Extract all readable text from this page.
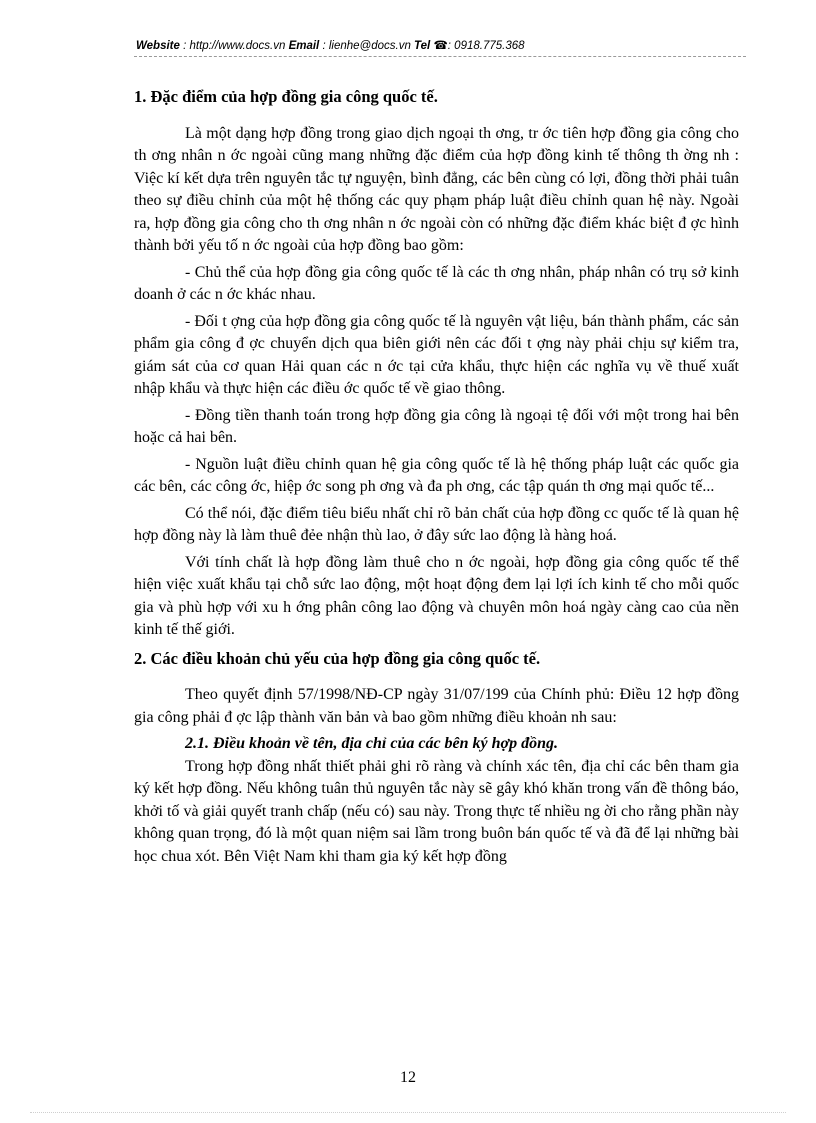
Website : http://www.docs.vn Email : lienhe@docs.vn Tel ☎: 0918.775.368

1. Đặc điểm của hợp đồng gia công quốc tế.

Là một dạng hợp đồng trong giao dịch ngoại th ơng, tr ớc tiên hợp đồng gia công cho th ơng nhân n ớc ngoài cũng mang những đặc điểm của hợp đồng kinh tế thông th ờng nh : Việc kí kết dựa trên nguyên tắc tự nguyện, bình đẳng, các bên cùng có lợi, đồng thời phải tuân theo sự điều chỉnh của một hệ thống các quy phạm pháp luật điều chỉnh quan hệ này. Ngoài ra, hợp đồng gia công cho th ơng nhân n ớc ngoài còn có những đặc điểm khác biệt đ ợc hình thành bởi yếu tố n ớc ngoài của hợp đồng bao gồm:

- Chủ thể của hợp đồng gia công quốc tế là các th ơng nhân, pháp nhân có trụ sở kinh doanh ở các n ớc khác nhau.

- Đối t ợng của hợp đồng gia công quốc tế là nguyên vật liệu, bán thành phẩm, các sản phẩm gia công đ ợc chuyển dịch qua biên giới nên các đối t ợng này phải chịu sự kiểm tra, giám sát của cơ quan Hải quan các n ớc tại cửa khẩu, thực hiện các nghĩa vụ về thuế xuất nhập khẩu và thực hiện các điều ớc quốc tế về giao thông.

- Đồng tiền thanh toán trong hợp đồng gia công là ngoại tệ đối với một trong hai bên hoặc cả hai bên.

- Nguồn luật điều chỉnh quan hệ gia công quốc tế là hệ thống pháp luật các quốc gia các bên, các công ớc, hiệp ớc song ph ơng và đa ph ơng, các tập quán th ơng mại quốc tế...

Có thể nói, đặc điểm tiêu biểu nhất chỉ rõ bản chất của hợp đồng cc quốc tế là quan hệ hợp đồng này là làm thuê đẻe nhận thù lao, ở đây sức lao động là hàng hoá.

Với tính chất là hợp đồng làm thuê cho n ớc ngoài, hợp đồng gia công quốc tế thể hiện việc xuất khẩu tại chỗ sức lao động, một hoạt động đem lại lợi ích kinh tế cho mỗi quốc gia và phù hợp với xu h ớng phân công lao động và chuyên môn hoá ngày càng cao của nền kinh tế thế giới.

2. Các điều khoản chủ yếu của hợp đồng gia công quốc tế.

Theo quyết định 57/1998/NĐ-CP ngày 31/07/199 của Chính phủ: Điều 12 hợp đồng gia công phải đ ợc lập thành văn bản và bao gồm những điều khoản nh sau:

2.1. Điều khoản về tên, địa chỉ của các bên ký hợp đồng.

Trong hợp đồng nhất thiết phải ghi rõ ràng và chính xác tên, địa chỉ các bên tham gia ký kết hợp đồng. Nếu không tuân thủ nguyên tắc này sẽ gây khó khăn trong vấn đề thông báo, khởi tố và giải quyết tranh chấp (nếu có) sau này. Trong thực tế nhiều ng ời cho rằng phần này không quan trọng, đó là một quan niệm sai lầm trong buôn bán quốc tế và đã để lại những bài học chua xót. Bên Việt Nam khi tham gia ký kết hợp đồng

12
